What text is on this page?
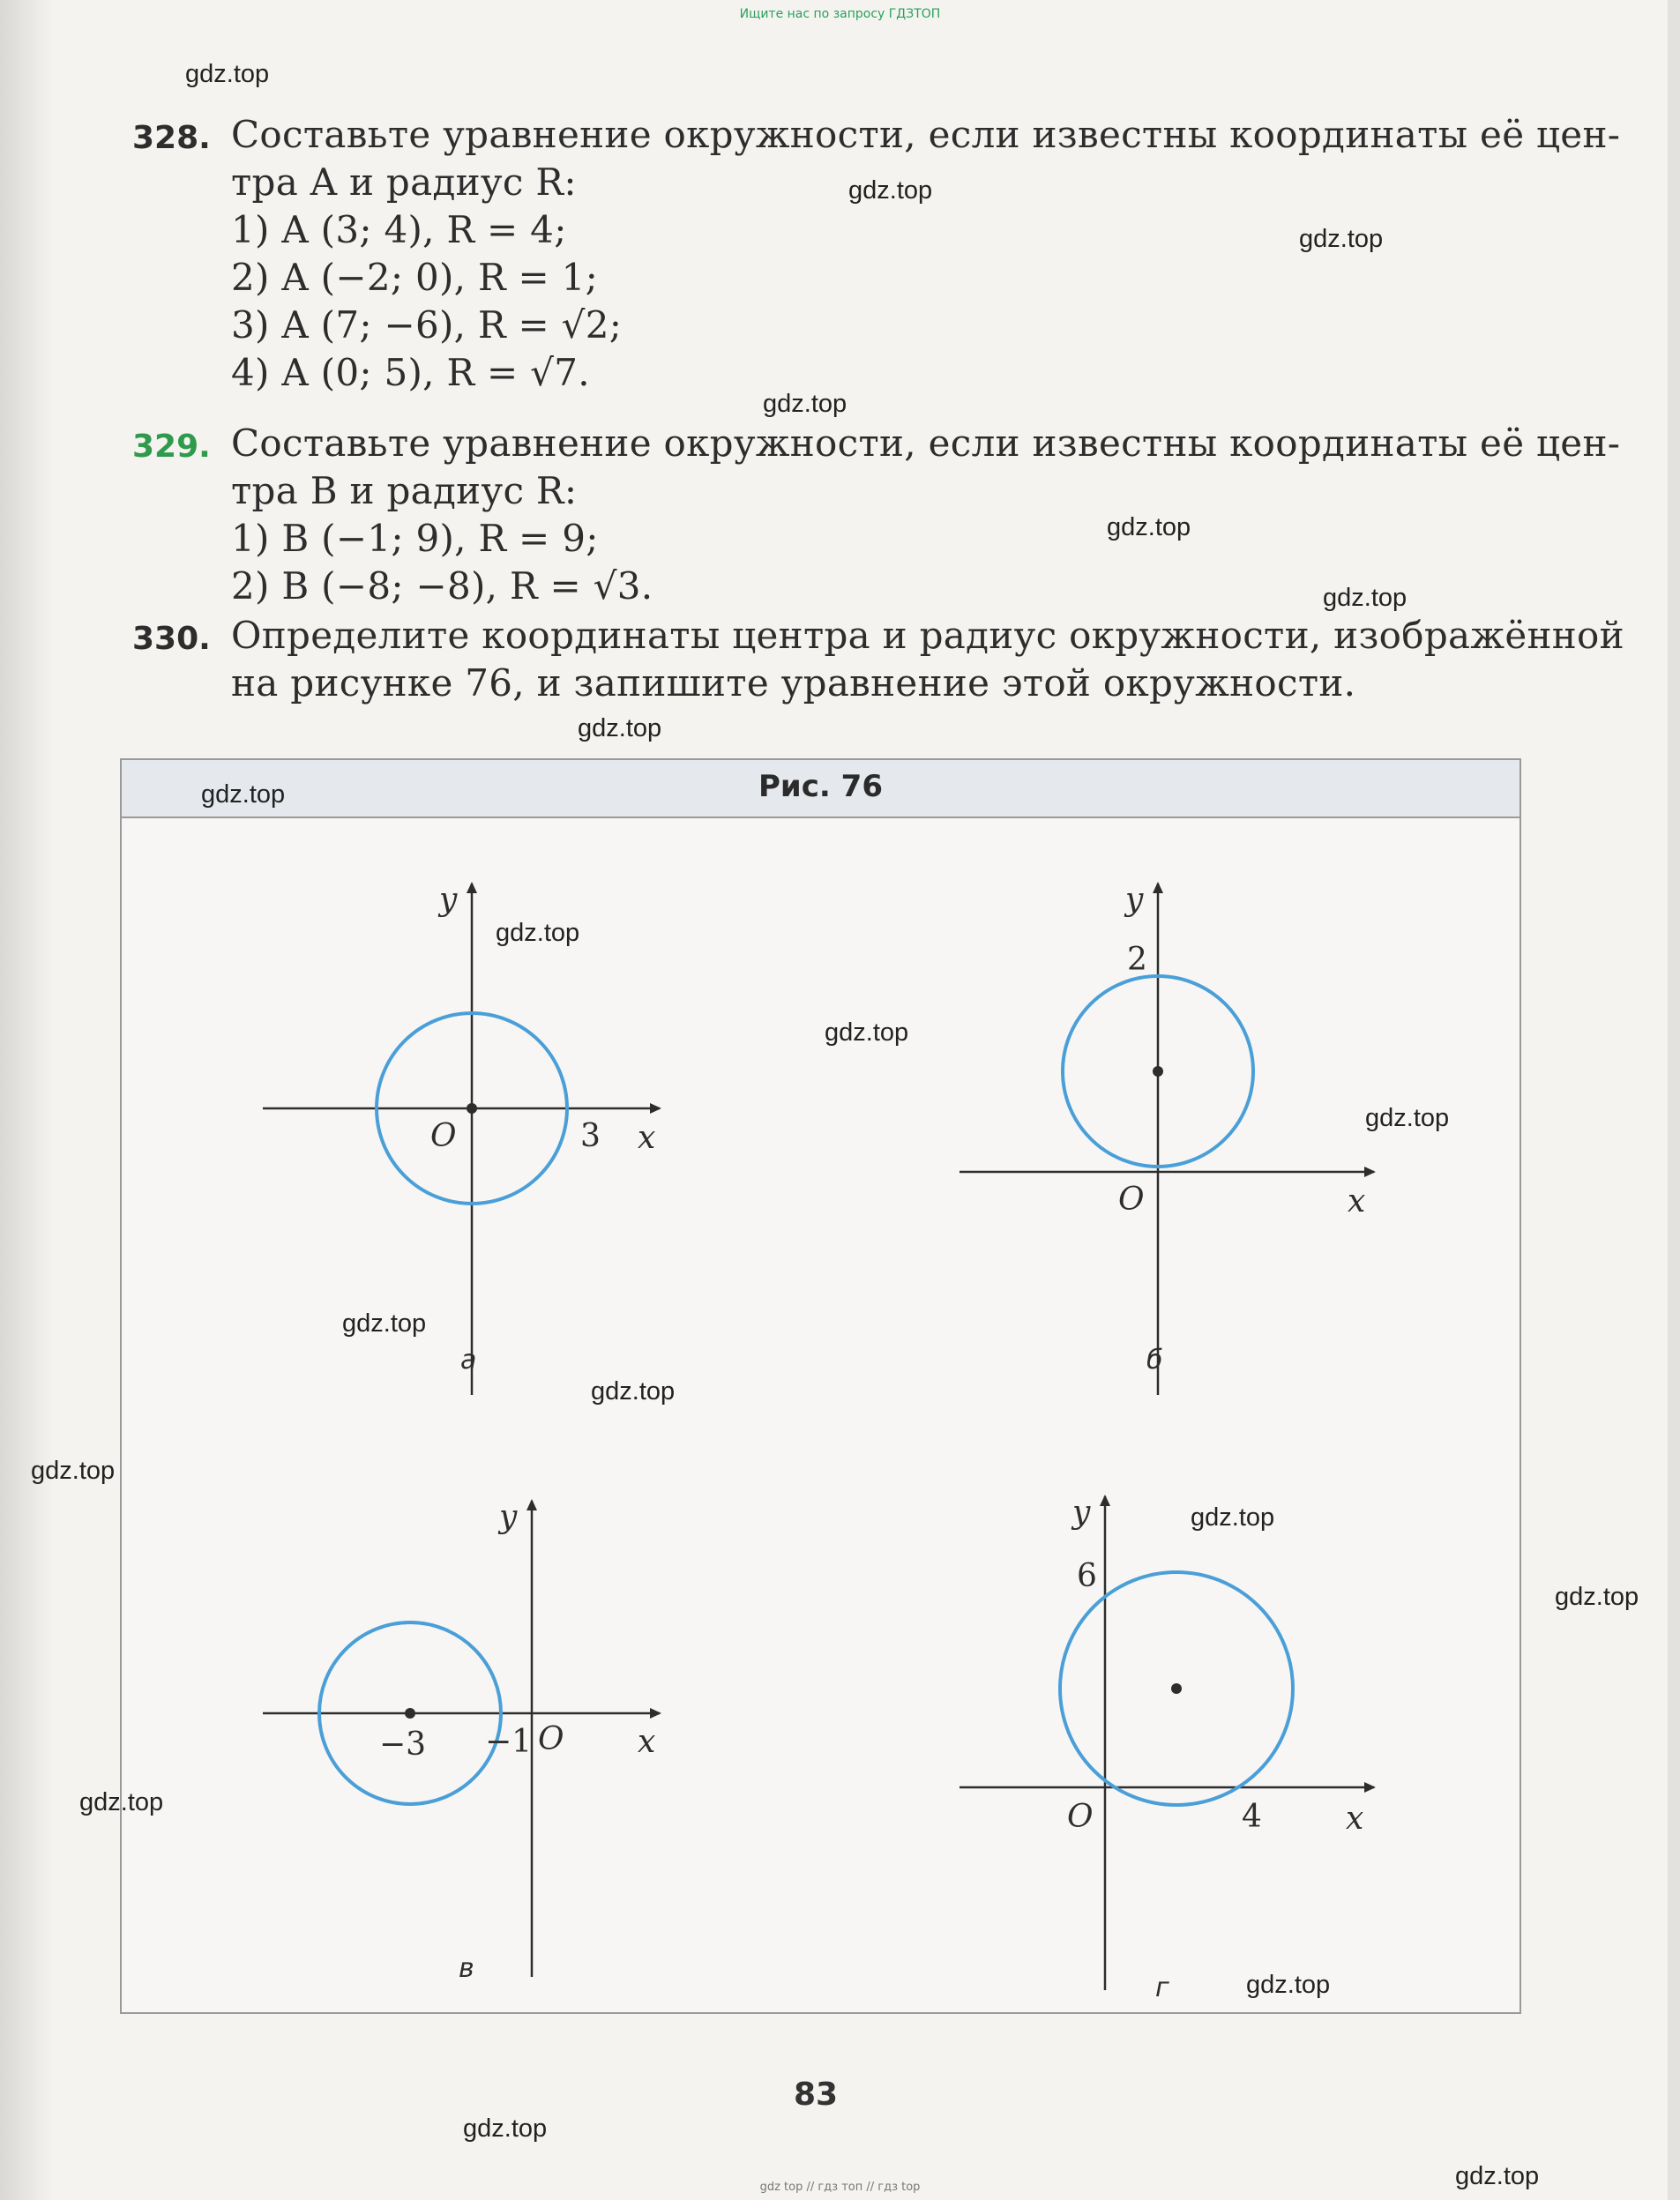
Ищите нас по запросу ГДЗТОП
328. Составьте уравнение окружности, если известны координаты её цен-
тра A и радиус R:
1) A (3; 4), R = 4;
2) A (−2; 0), R = 1;
3) A (7; −6), R = √2;
4) A (0; 5), R = √7.
329. Составьте уравнение окружности, если известны координаты её цен-
тра B и радиус R:
1) B (−1; 9), R = 9;
2) B (−8; −8), R = √3.
330. Определите координаты центра и радиус окружности, изображённой
на рисунке 76, и запишите уравнение этой окружности.
Рис. 76
y
x
O	3
а
y
x
O
2
б
y
x
O
−3 −1
в
y
x
O
6
4
г
83
gdz.top
gdz.top
gdz.top
gdz.top
gdz.top
gdz.top
gdz.top
gdz.top
gdz.top
gdz.top
gdz.top
gdz.top
gdz.top
gdz.top
gdz.top
gdz.top
gdz.top
gdz.top
gdz.top
gdz.top
gdz top // гдз топ // гдз top
